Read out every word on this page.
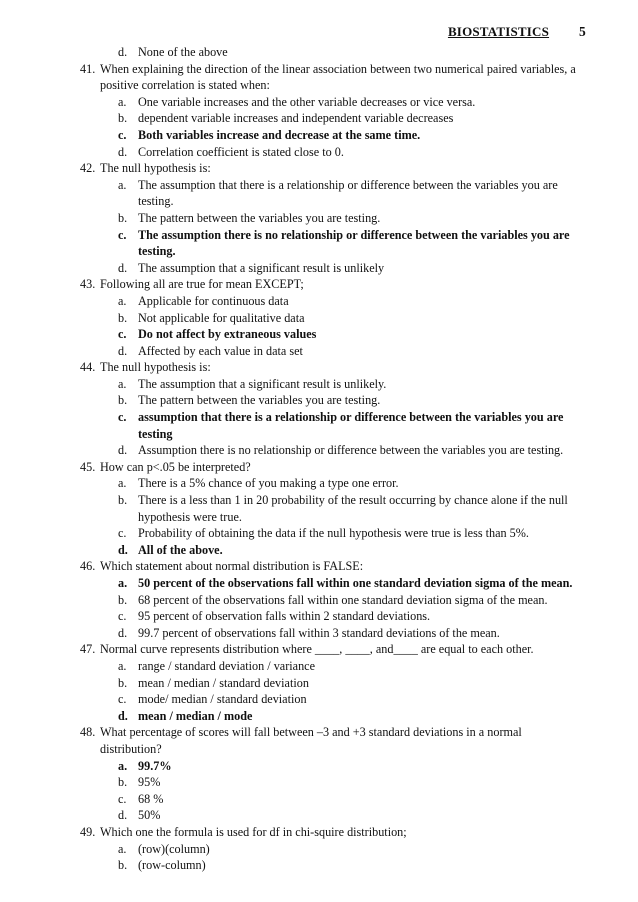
BIOSTATISTICS 5
d. None of the above
41. When explaining the direction of the linear association between two numerical paired variables, a positive correlation is stated when:
a. One variable increases and the other variable decreases or vice versa.
b. dependent variable increases and independent variable decreases
c. Both variables increase and decrease at the same time.
d. Correlation coefficient is stated close to 0.
42. The null hypothesis is:
a. The assumption that there is a relationship or difference between the variables you are testing.
b. The pattern between the variables you are testing.
c. The assumption there is no relationship or difference between the variables you are testing.
d. The assumption that a significant result is unlikely
43. Following all are true for mean EXCEPT;
a. Applicable for continuous data
b. Not applicable for qualitative data
c. Do not affect by extraneous values
d. Affected by each value in data set
44. The null hypothesis is:
a. The assumption that a significant result is unlikely.
b. The pattern between the variables you are testing.
c. assumption that there is a relationship or difference between the variables you are testing
d. Assumption there is no relationship or difference between the variables you are testing.
45. How can p<.05 be interpreted?
a. There is a 5% chance of you making a type one error.
b. There is a less than 1 in 20 probability of the result occurring by chance alone if the null hypothesis were true.
c. Probability of obtaining the data if the null hypothesis were true is less than 5%.
d. All of the above.
46. Which statement about normal distribution is FALSE:
a. 50 percent of the observations fall within one standard deviation sigma of the mean.
b. 68 percent of the observations fall within one standard deviation sigma of the mean.
c. 95 percent of observation falls within 2 standard deviations.
d. 99.7 percent of observations fall within 3 standard deviations of the mean.
47. Normal curve represents distribution where ____, ____, and____ are equal to each other.
a. range / standard deviation / variance
b. mean / median / standard deviation
c. mode/ median / standard deviation
d. mean / median / mode
48. What percentage of scores will fall between –3 and +3 standard deviations in a normal distribution?
a. 99.7%
b. 95%
c. 68 %
d. 50%
49. Which one the formula is used for df in chi-squire distribution;
a. (row)(column)
b. (row-column)
